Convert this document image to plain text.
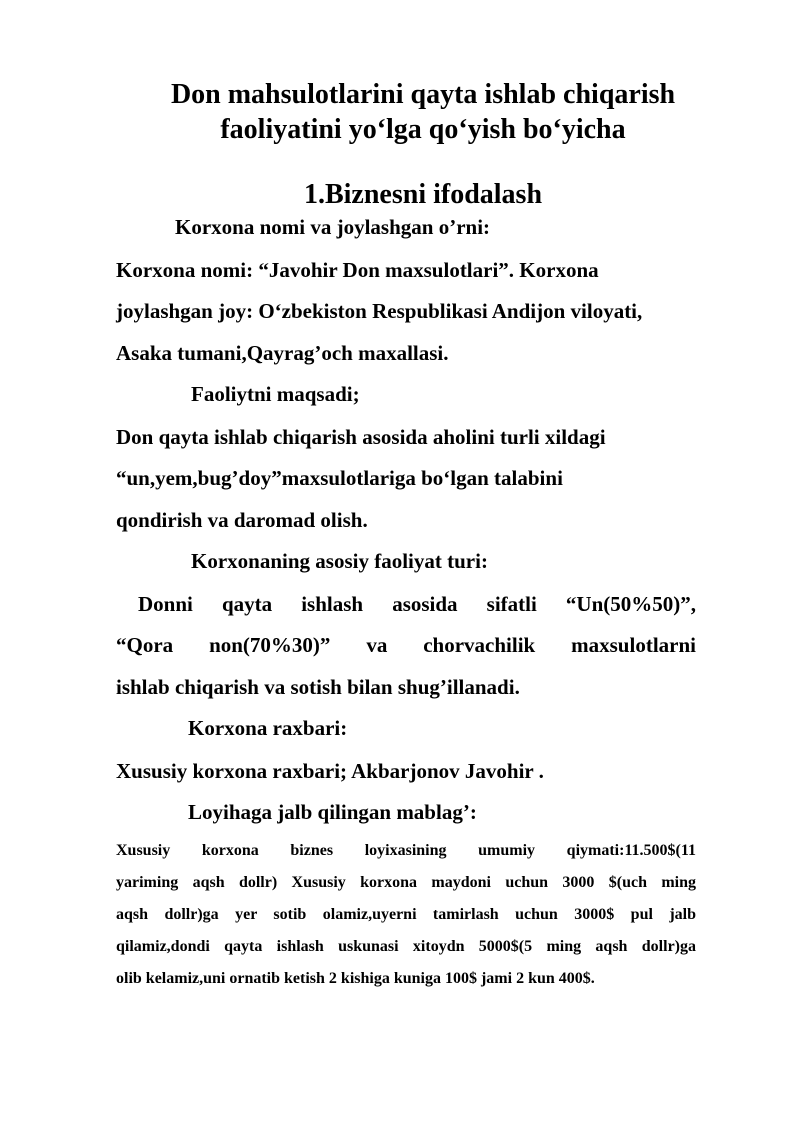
Don mahsulotlarini qayta ishlab chiqarish
faoliyatini yo‘lga qo‘yish bo‘yicha
1.Biznesni ifodalash
Korxona nomi va joylashgan o’rni:
Korxona nomi: “Javohir Don maxsulotlari”. Korxona
joylashgan joy: O‘zbekiston Respublikasi Andijon viloyati,
Asaka tumani,Qayrag’och maxallasi.
Faoliytni maqsadi;
Don qayta ishlab chiqarish asosida aholini turli xildagi
“un,yem,bug’doy”maxsulotlariga bo‘lgan talabini
qondirish va daromad olish.
Korxonaning asosiy faoliyat turi:
Donni qayta ishlash asosida sifatli “Un(50%50)”,
“Qora non(70%30)” va chorvachilik maxsulotlarni
ishlab chiqarish va sotish bilan shug’illanadi.
Korxona raxbari:
Xususiy korxona raxbari; Akbarjonov Javohir .
Loyihaga jalb qilingan mablag’:
Xususiy korxona biznes loyixasining umumiy qiymati:11.500$(11
yariming aqsh dollr) Xususiy korxona maydoni uchun 3000 $(uch ming
aqsh dollr)ga yer sotib olamiz,uyerni tamirlash uchun 3000$ pul jalb
qilamiz,dondi qayta ishlash uskunasi xitoydn 5000$(5 ming aqsh dollr)ga
olib kelamiz,uni ornatib ketish 2 kishiga kuniga 100$ jami 2 kun 400$.
